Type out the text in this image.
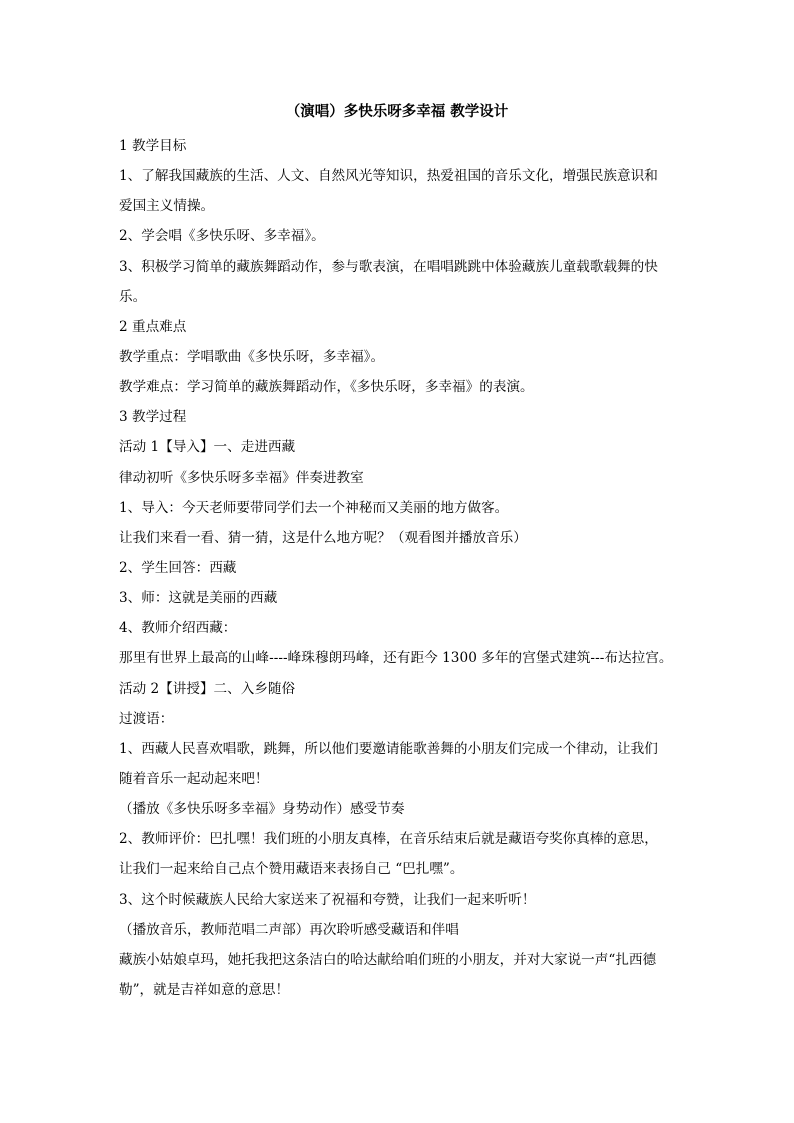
（演唱）多快乐呀多幸福 教学设计
1 教学目标
1、了解我国藏族的生活、人文、自然风光等知识，热爱祖国的音乐文化，增强民族意识和
爱国主义情操。
2、学会唱《多快乐呀、多幸福》。
3、积极学习简单的藏族舞蹈动作，参与歌表演，在唱唱跳跳中体验藏族儿童载歌载舞的快
乐。
2 重点难点
教学重点：学唱歌曲《多快乐呀，多幸福》。
教学难点：学习简单的藏族舞蹈动作，《多快乐呀，多幸福》的表演。
3 教学过程
活动 1【导入】一、走进西藏
律动初听《多快乐呀多幸福》伴奏进教室
1、导入：今天老师要带同学们去一个神秘而又美丽的地方做客。
让我们来看一看、猜一猜，这是什么地方呢？（观看图并播放音乐）
2、学生回答：西藏
3、师：这就是美丽的西藏
4、教师介绍西藏：
那里有世界上最高的山峰----峰珠穆朗玛峰，还有距今 1300 多年的宫堡式建筑---布达拉宫。
活动 2【讲授】二、入乡随俗
过渡语：
1、西藏人民喜欢唱歌，跳舞，所以他们要邀请能歌善舞的小朋友们完成一个律动，让我们
随着音乐一起动起来吧！
（播放《多快乐呀多幸福》身势动作）感受节奏
2、教师评价：巴扎嘿！我们班的小朋友真棒，在音乐结束后就是藏语夸奖你真棒的意思，
让我们一起来给自己点个赞用藏语来表扬自己 “巴扎嘿”。
3、这个时候藏族人民给大家送来了祝福和夸赞，让我们一起来听听！
（播放音乐，教师范唱二声部）再次聆听感受藏语和伴唱
藏族小姑娘卓玛，她托我把这条洁白的哈达献给咱们班的小朋友，并对大家说一声“扎西德
勒”，就是吉祥如意的意思！
